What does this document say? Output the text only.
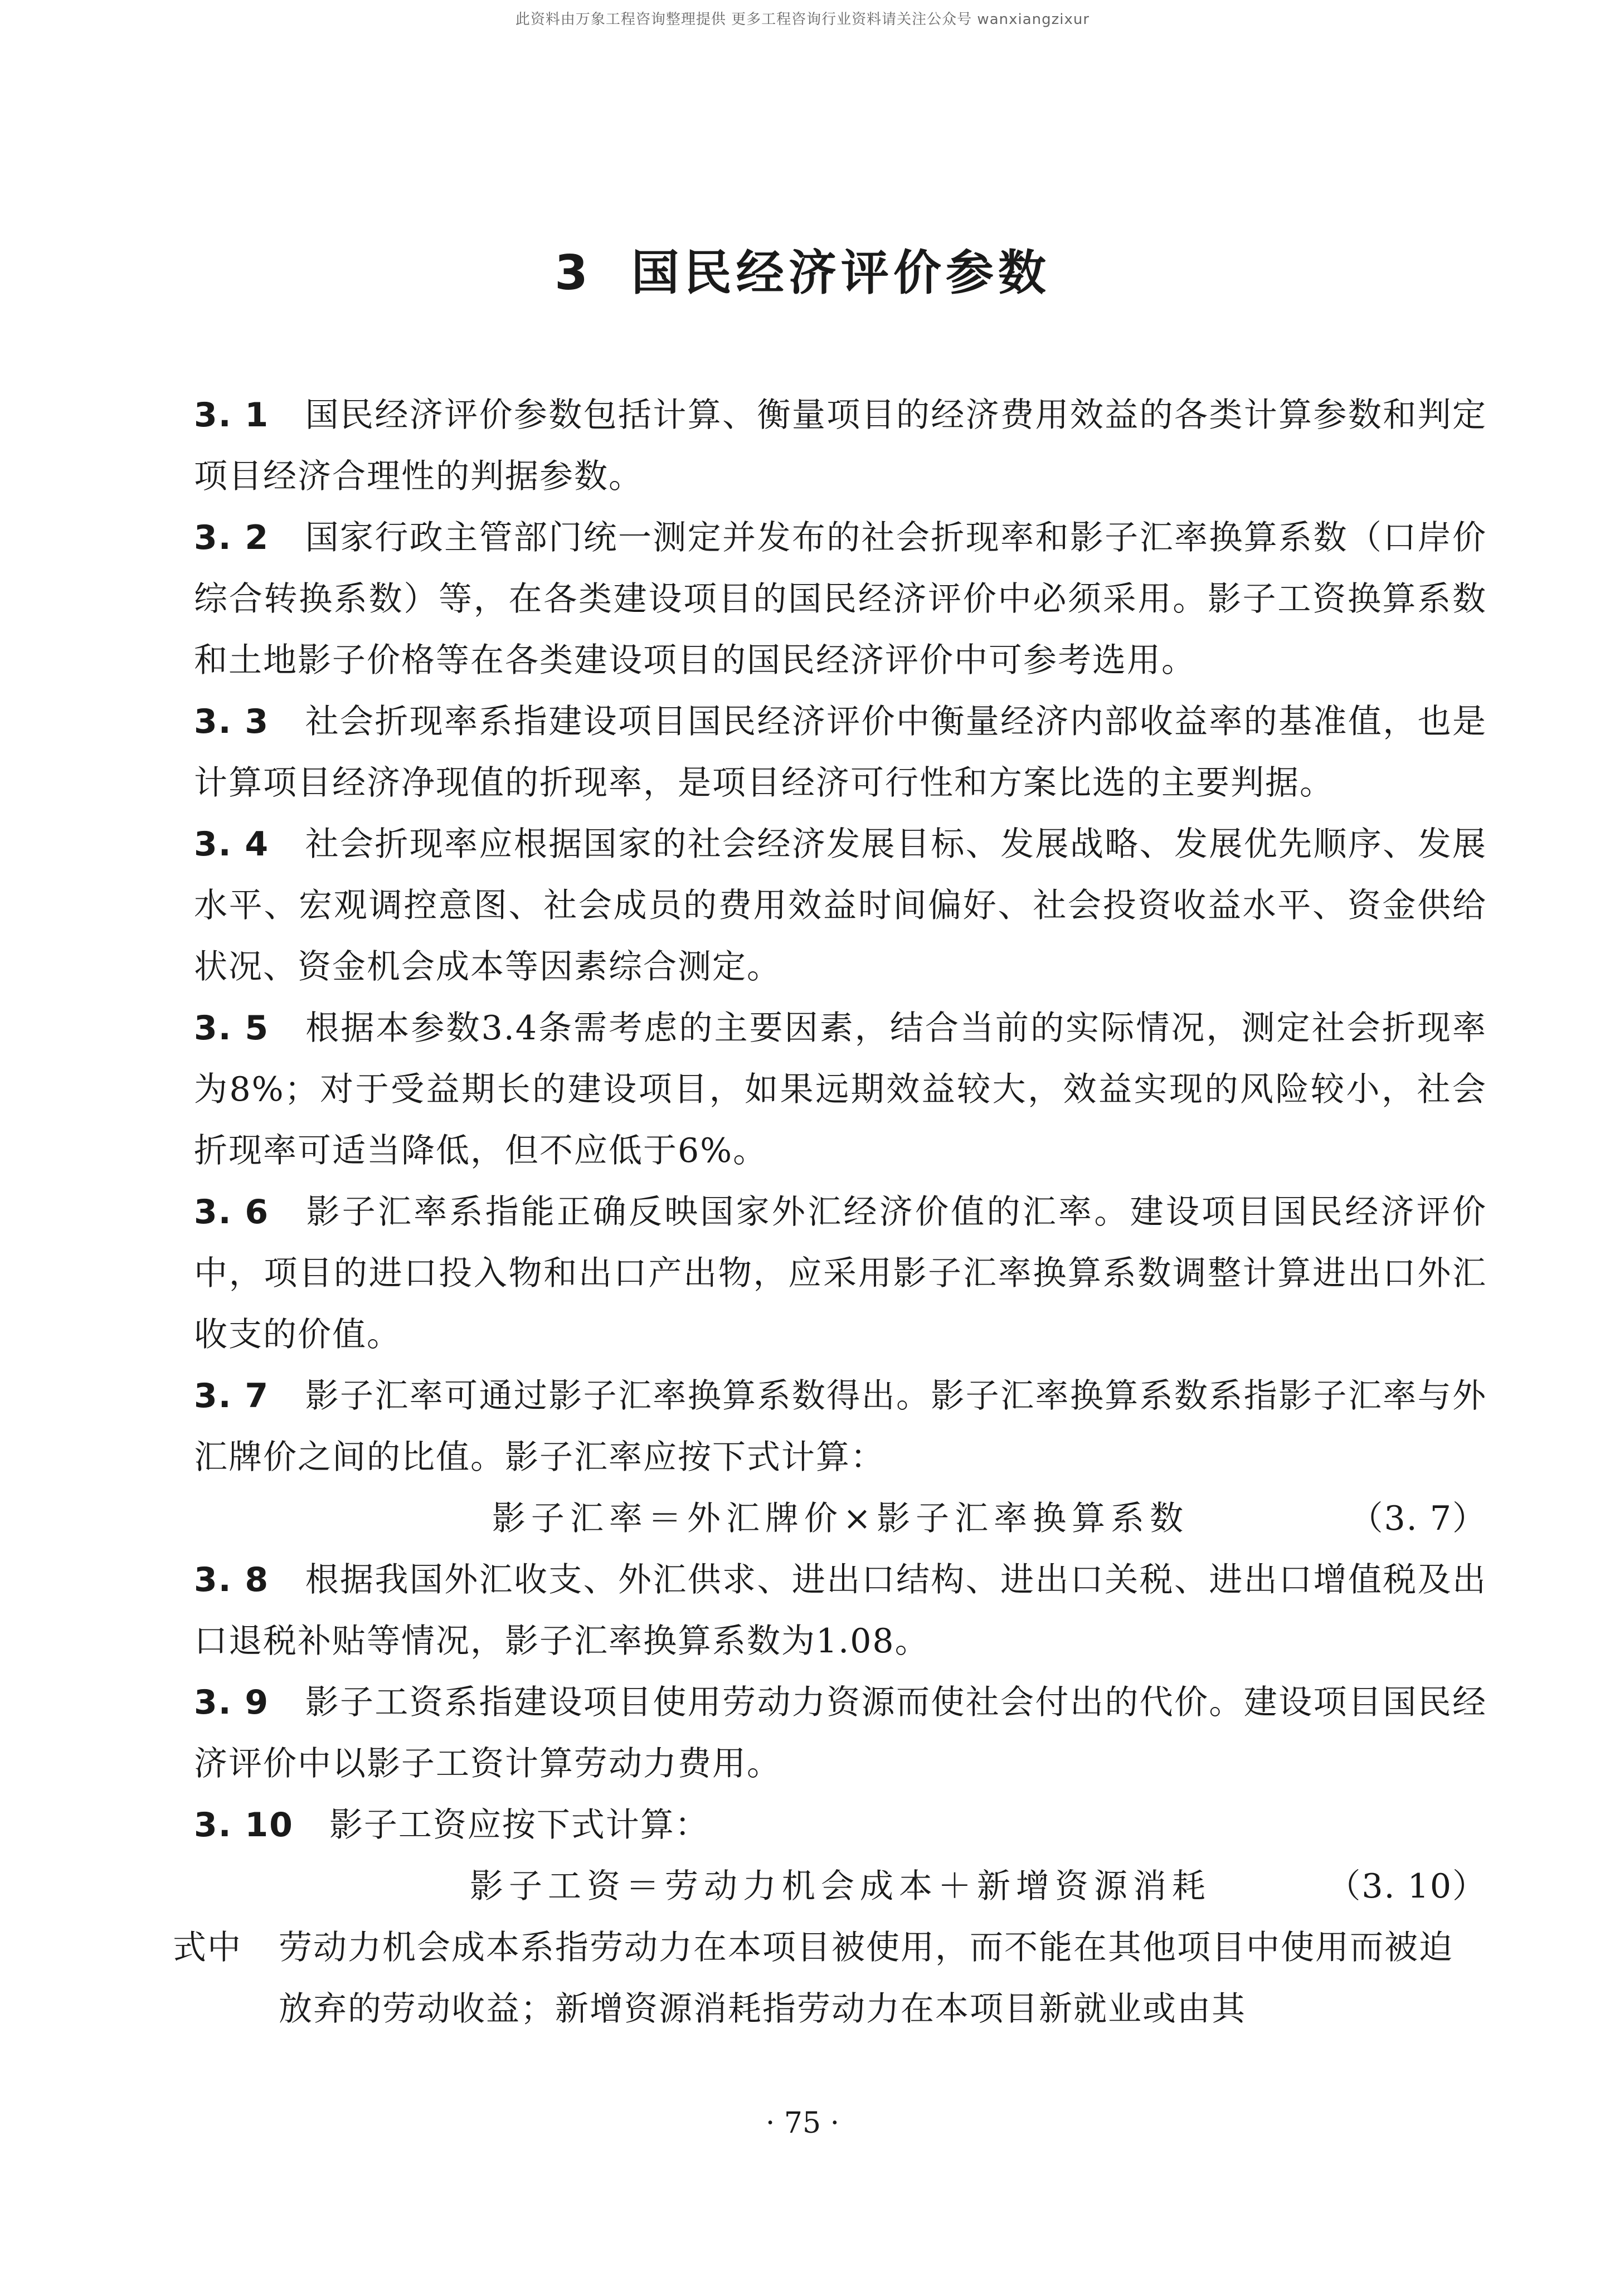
此资料由万象工程咨询整理提供 更多工程咨询行业资料请关注公众号 wanxiangzixur
3 国民经济评价参数

3. 1 国民经济评价参数包括计算、衡量项目的经济费用效益的各类计算参数和判定项目经济合理性的判据参数。

3. 2 国家行政主管部门统一测定并发布的社会折现率和影子汇率换算系数（口岸价综合转换系数）等，在各类建设项目的国民经济评价中必须采用。影子工资换算系数和土地影子价格等在各类建设项目的国民经济评价中可参考选用。

3. 3 社会折现率系指建设项目国民经济评价中衡量经济内部收益率的基准值，也是计算项目经济净现值的折现率，是项目经济可行性和方案比选的主要判据。

3. 4 社会折现率应根据国家的社会经济发展目标、发展战略、发展优先顺序、发展水平、宏观调控意图、社会成员的费用效益时间偏好、社会投资收益水平、资金供给状况、资金机会成本等因素综合测定。

3. 5 根据本参数3.4条需考虑的主要因素，结合当前的实际情况，测定社会折现率为8%；对于受益期长的建设项目，如果远期效益较大，效益实现的风险较小，社会折现率可适当降低，但不应低于6%。

3. 6 影子汇率系指能正确反映国家外汇经济价值的汇率。建设项目国民经济评价中，项目的进口投入物和出口产出物，应采用影子汇率换算系数调整计算进出口外汇收支的价值。

3. 7 影子汇率可通过影子汇率换算系数得出。影子汇率换算系数系指影子汇率与外汇牌价之间的比值。影子汇率应按下式计算：

影子汇率＝外汇牌价×影子汇率换算系数	（3. 7）

3. 8 根据我国外汇收支、外汇供求、进出口结构、进出口关税、进出口增值税及出口退税补贴等情况，影子汇率换算系数为1.08。

3. 9 影子工资系指建设项目使用劳动力资源而使社会付出的代价。建设项目国民经济评价中以影子工资计算劳动力费用。

3. 10 影子工资应按下式计算：

影子工资＝劳动力机会成本＋新增资源消耗	（3. 10）
式中 劳动力机会成本系指劳动力在本项目被使用，而不能在其他项目中使用而被迫放弃的劳动收益；新增资源消耗指劳动力在本项目新就业或由其
· 75 ·
